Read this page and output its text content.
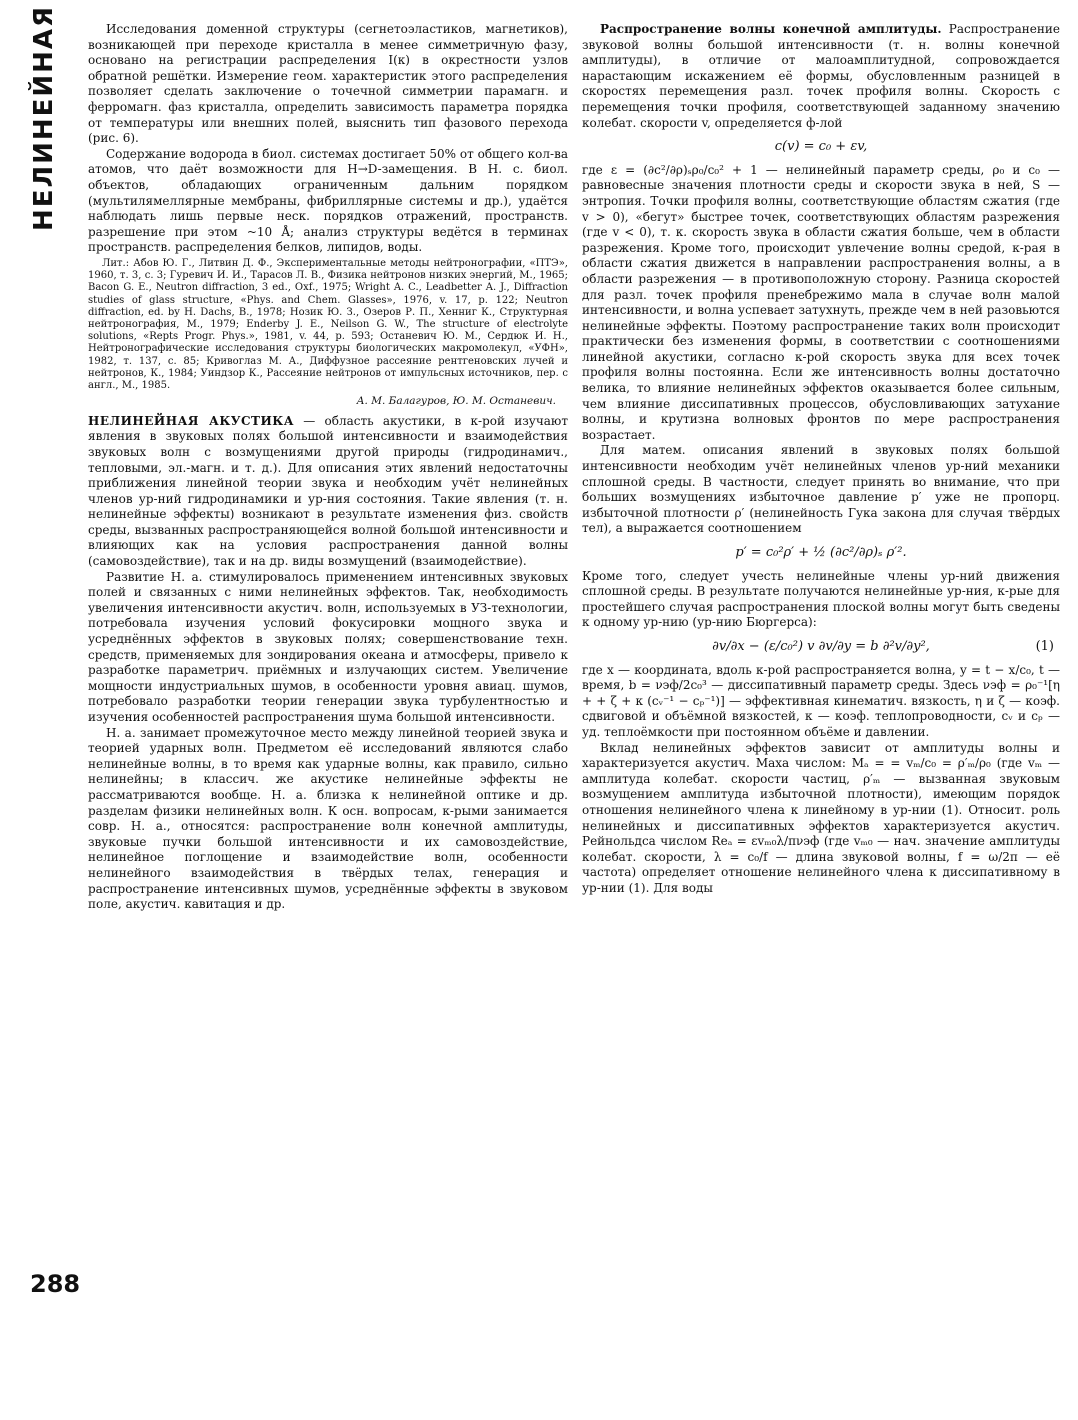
НЕЛИНЕЙНАЯ
288

Исследования доменной структуры (сегнетоэластиков, магнетиков), возникающей при переходе кристалла в менее симметричную фазу, основано на регистрации распределения I(κ) в окрестности узлов обратной решётки. Измерение геом. характеристик этого распределения позволяет сделать заключение о точечной симметрии парамагн. и ферромагн. фаз кристалла, определить зависимость параметра порядка от температуры или внешних полей, выяснить тип фазового перехода (рис. 6).

Содержание водорода в биол. системах достигает 50% от общего кол-ва атомов, что даёт возможности для H→D-замещения. В Н. с. биол. объектов, обладающих ограниченным дальним порядком (мультилямеллярные мембраны, фибриллярные системы и др.), удаётся наблюдать лишь первые неск. порядков отражений, пространств. разрешение при этом ~10 Å; анализ структуры ведётся в терминах пространств. распределения белков, липидов, воды.

Лит.: Абов Ю. Г., Литвин Д. Ф., Экспериментальные методы нейтронографии, «ПТЭ», 1960, т. 3, с. 3; Гуревич И. И., Тарасов Л. В., Физика нейтронов низких энергий, М., 1965; Bacon G. E., Neutron diffraction, 3 ed., Oxf., 1975; Wright A. C., Leadbetter A. J., Diffraction studies of glass structure, «Phys. and Chem. Glasses», 1976, v. 17, p. 122; Neutron diffraction, ed. by H. Dachs, B., 1978; Нозик Ю. З., Озеров Р. П., Хенниг К., Структурная нейтронография, М., 1979; Enderby J. E., Neilson G. W., The structure of electrolyte solutions, «Repts Progr. Phys.», 1981, v. 44, p. 593; Останевич Ю. М., Сердюк И. Н., Нейтронографические исследования структуры биологических макромолекул, «УФН», 1982, т. 137, с. 85; Кривоглаз М. А., Диффузное рассеяние рентгеновских лучей и нейтронов, К., 1984; Уиндзор К., Рассеяние нейтронов от импульсных источников, пер. с англ., М., 1985.

А. М. Балагуров, Ю. М. Останевич.

НЕЛИНЕЙНАЯ АКУСТИКА — область акустики, в к-рой изучают явления в звуковых полях большой интенсивности и взаимодействия звуковых волн с возмущениями другой природы (гидродинамич., тепловыми, эл.-магн. и т. д.). Для описания этих явлений недостаточны приближения линейной теории звука и необходим учёт нелинейных членов ур-ний гидродинамики и ур-ния состояния. Такие явления (т. н. нелинейные эффекты) возникают в результате изменения физ. свойств среды, вызванных распространяющейся волной большой интенсивности и влияющих как на условия распространения данной волны (самовоздействие), так и на др. виды возмущений (взаимодействие).

Развитие Н. а. стимулировалось применением интенсивных звуковых полей и связанных с ними нелинейных эффектов. Так, необходимость увеличения интенсивности акустич. волн, используемых в УЗ-технологии, потребовала изучения условий фокусировки мощного звука и усреднённых эффектов в звуковых полях; совершенствование техн. средств, применяемых для зондирования океана и атмосферы, привело к разработке параметрич. приёмных и излучающих систем. Увеличение мощности индустриальных шумов, в особенности уровня авиац. шумов, потребовало разработки теории генерации звука турбулентностью и изучения особенностей распространения шума большой интенсивности.

Н. а. занимает промежуточное место между линейной теорией звука и теорией ударных волн. Предметом её исследований являются слабо нелинейные волны, в то время как ударные волны, как правило, сильно нелинейны; в классич. же акустике нелинейные эффекты не рассматриваются вообще. Н. а. близка к нелинейной оптике и др. разделам физики нелинейных волн. К осн. вопросам, к-рыми занимается совр. Н. а., относятся: распространение волн конечной амплитуды, звуковые пучки большой интенсивности и их самовоздействие, нелинейное поглощение и взаимодействие волн, особенности нелинейного взаимодействия в твёрдых телах, генерация и распространение интенсивных шумов, усреднённые эффекты в звуковом поле, акустич. кавитация и др.

Распространение волны конечной амплитуды. Распространение звуковой волны большой интенсивности (т. н. волны конечной амплитуды), в отличие от малоамплитудной, сопровождается нарастающим искажением её формы, обусловленным разницей в скоростях перемещения разл. точек профиля волны. Скорость c перемещения точки профиля, соответствующей заданному значению колебат. скорости v, определяется ф-лой

c(v) = c₀ + εv,

где ε = (∂c²/∂ρ)ₛρ₀/c₀² + 1 — нелинейный параметр среды, ρ₀ и c₀ — равновесные значения плотности среды и скорости звука в ней, S — энтропия. Точки профиля волны, соответствующие областям сжатия (где v > 0), «бегут» быстрее точек, соответствующих областям разрежения (где v < 0), т. к. скорость звука в области сжатия больше, чем в области разрежения. Кроме того, происходит увлечение волны средой, к-рая в области сжатия движется в направлении распространения волны, а в области разрежения — в противоположную сторону. Разница скоростей для разл. точек профиля пренебрежимо мала в случае волн малой интенсивности, и волна успевает затухнуть, прежде чем в ней разовьются нелинейные эффекты. Поэтому распространение таких волн происходит практически без изменения формы, в соответствии с соотношениями линейной акустики, согласно к-рой скорость звука для всех точек профиля волны постоянна. Если же интенсивность волны достаточно велика, то влияние нелинейных эффектов оказывается более сильным, чем влияние диссипативных процессов, обусловливающих затухание волны, и крутизна волновых фронтов по мере распространения возрастает.

Для матем. описания явлений в звуковых полях большой интенсивности необходим учёт нелинейных членов ур-ний механики сплошной среды. В частности, следует принять во внимание, что при больших возмущениях избыточное давление p′ уже не пропорц. избыточной плотности ρ′ (нелинейность Гука закона для случая твёрдых тел), а выражается соотношением

p′ = c₀²ρ′ + ½ (∂c²/∂ρ)ₛ ρ′².

Кроме того, следует учесть нелинейные члены ур-ний движения сплошной среды. В результате получаются нелинейные ур-ния, к-рые для простейшего случая распространения плоской волны могут быть сведены к одному ур-нию (ур-нию Бюргерса):

∂v/∂x − (ε/c₀²) v ∂v/∂y = b ∂²v/∂y²,	(1)

где x — координата, вдоль к-рой распространяется волна, y = t − x/c₀, t — время, b = νэф/2c₀³ — диссипативный параметр среды. Здесь νэф = ρ₀⁻¹[η + + ζ + κ (cᵥ⁻¹ − cₚ⁻¹)] — эффективная кинематич. вязкость, η и ζ — коэф. сдвиговой и объёмной вязкостей, κ — коэф. теплопроводности, cᵥ и cₚ — уд. теплоёмкости при постоянном объёме и давлении.

Вклад нелинейных эффектов зависит от амплитуды волны и характеризуется акустич. Маха числом: Mₐ = = vₘ/c₀ = ρ′ₘ/ρ₀ (где vₘ — амплитуда колебат. скорости частиц, ρ′ₘ — вызванная звуковым возмущением амплитуда избыточной плотности), имеющим порядок отношения нелинейного члена к линейному в ур-нии (1). Относит. роль нелинейных и диссипативных эффектов характеризуется акустич. Рейнольдса числом Reₐ = εvₘ₀λ/πνэф (где vₘ₀ — нач. значение амплитуды колебат. скорости, λ = c₀/f — длина звуковой волны, f = ω/2π — её частота) определяет отношение нелинейного члена к диссипативному в ур-нии (1). Для воды
